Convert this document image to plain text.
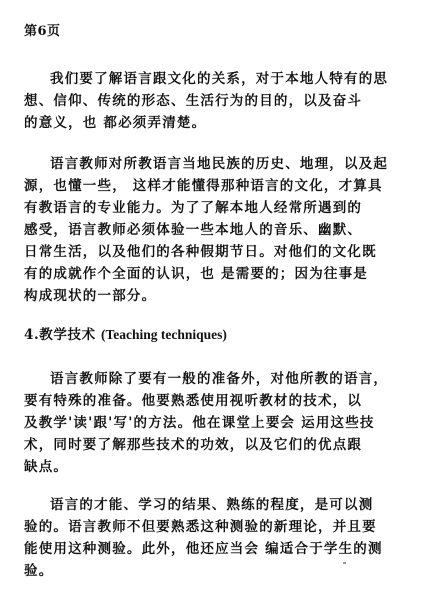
第6页
我们要了解语言跟文化的关系，对于本地人特有的思
想、信仰、传统的形态、生活行为的目的，以及奋斗
的意义，也 都必须弄清楚。
语言教师对所教语言当地民族的历史、地理，以及起
源，也懂一些， 这样才能懂得那种语言的文化，才算具
有教语言的专业能力。为了了解本地人经常所遇到的
感受，语言教师必须体验一些本地人的音乐、幽默、
日常生活，以及他们的各种假期节日。对他们的文化既
有的成就作个全面的认识，也 是需要的；因为往事是
构成现状的一部分。
4.教学技术 (Teaching techniques)
语言教师除了要有一般的准备外，对他所教的语言，
要有特殊的准备。他要熟悉使用视听教材的技术，以
及教学'读'跟'写'的方法。他在课堂上要会 运用这些技
术，同时要了解那些技术的功效，以及它们的优点跟
缺点。
语言的才能、学习的结果、熟练的程度，是可以测
验的。语言教师不但要熟悉这种测验的新理论，并且要
能使用这种测验。此外，他还应当会 编适合于学生的测
验。
